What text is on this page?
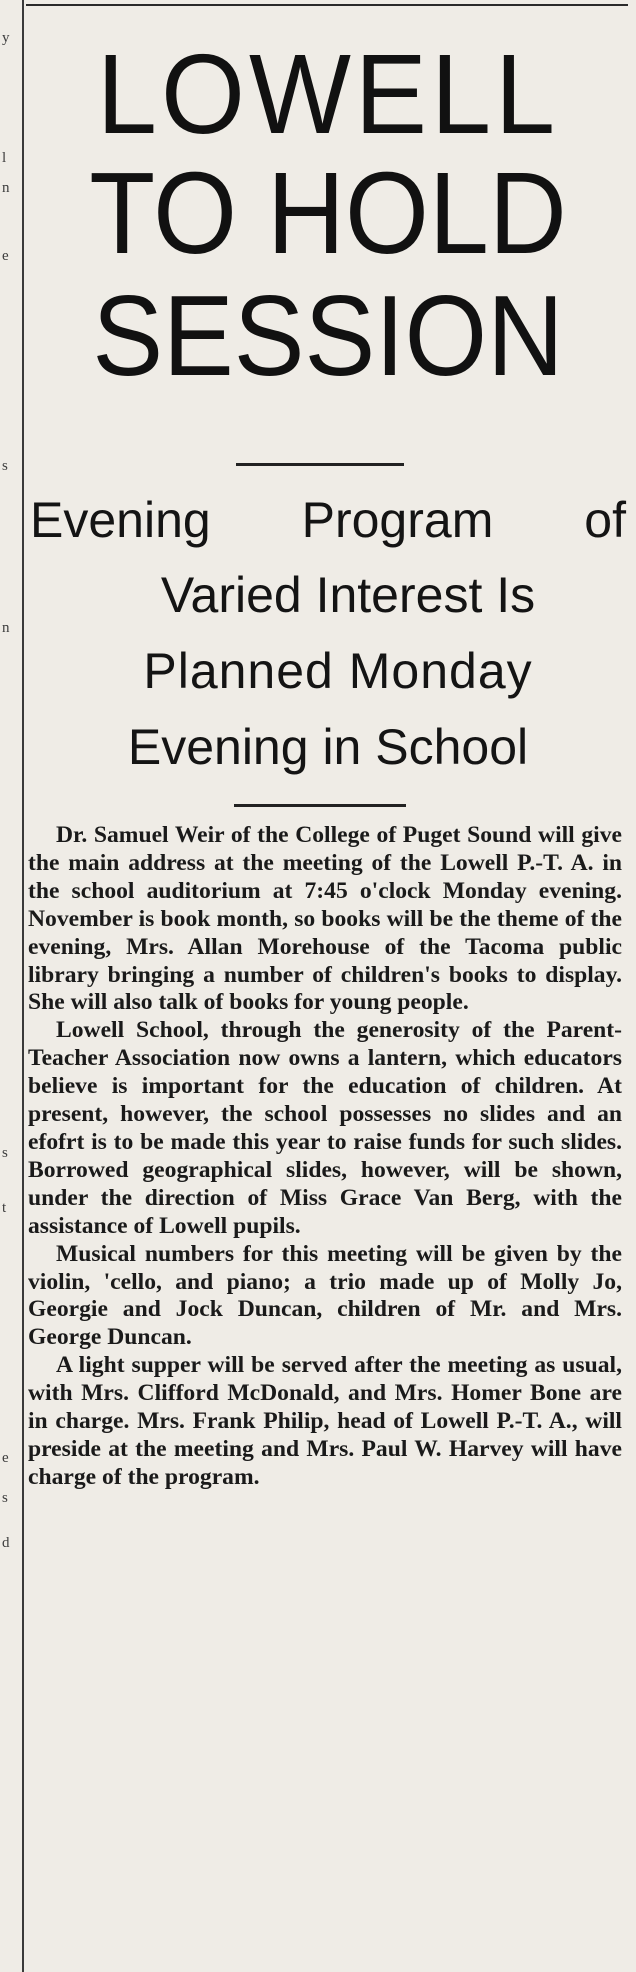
y
l
n
e
s
n
s
t
e
s
d
LOWELL
TO HOLD
SESSION
Evening Program of
Varied Interest Is
Planned Monday
Evening in School

Dr. Samuel Weir of the College of Puget Sound will give the main address at the meeting of the Lowell P.-T. A. in the school auditorium at 7:45 o'clock Monday evening. November is book month, so books will be the theme of the evening, Mrs. Allan Morehouse of the Tacoma public library bringing a number of children's books to display. She will also talk of books for young people.

Lowell School, through the generosity of the Parent-Teacher Association now owns a lantern, which educators believe is important for the education of children. At present, however, the school possesses no slides and an efofrt is to be made this year to raise funds for such slides. Borrowed geographical slides, however, will be shown, under the direction of Miss Grace Van Berg, with the assistance of Lowell pupils.

Musical numbers for this meeting will be given by the violin, 'cello, and piano; a trio made up of Molly Jo, Georgie and Jock Duncan, children of Mr. and Mrs. George Duncan.

A light supper will be served after the meeting as usual, with Mrs. Clifford McDonald, and Mrs. Homer Bone are in charge. Mrs. Frank Philip, head of Lowell P.-T. A., will preside at the meeting and Mrs. Paul W. Harvey will have charge of the program.
